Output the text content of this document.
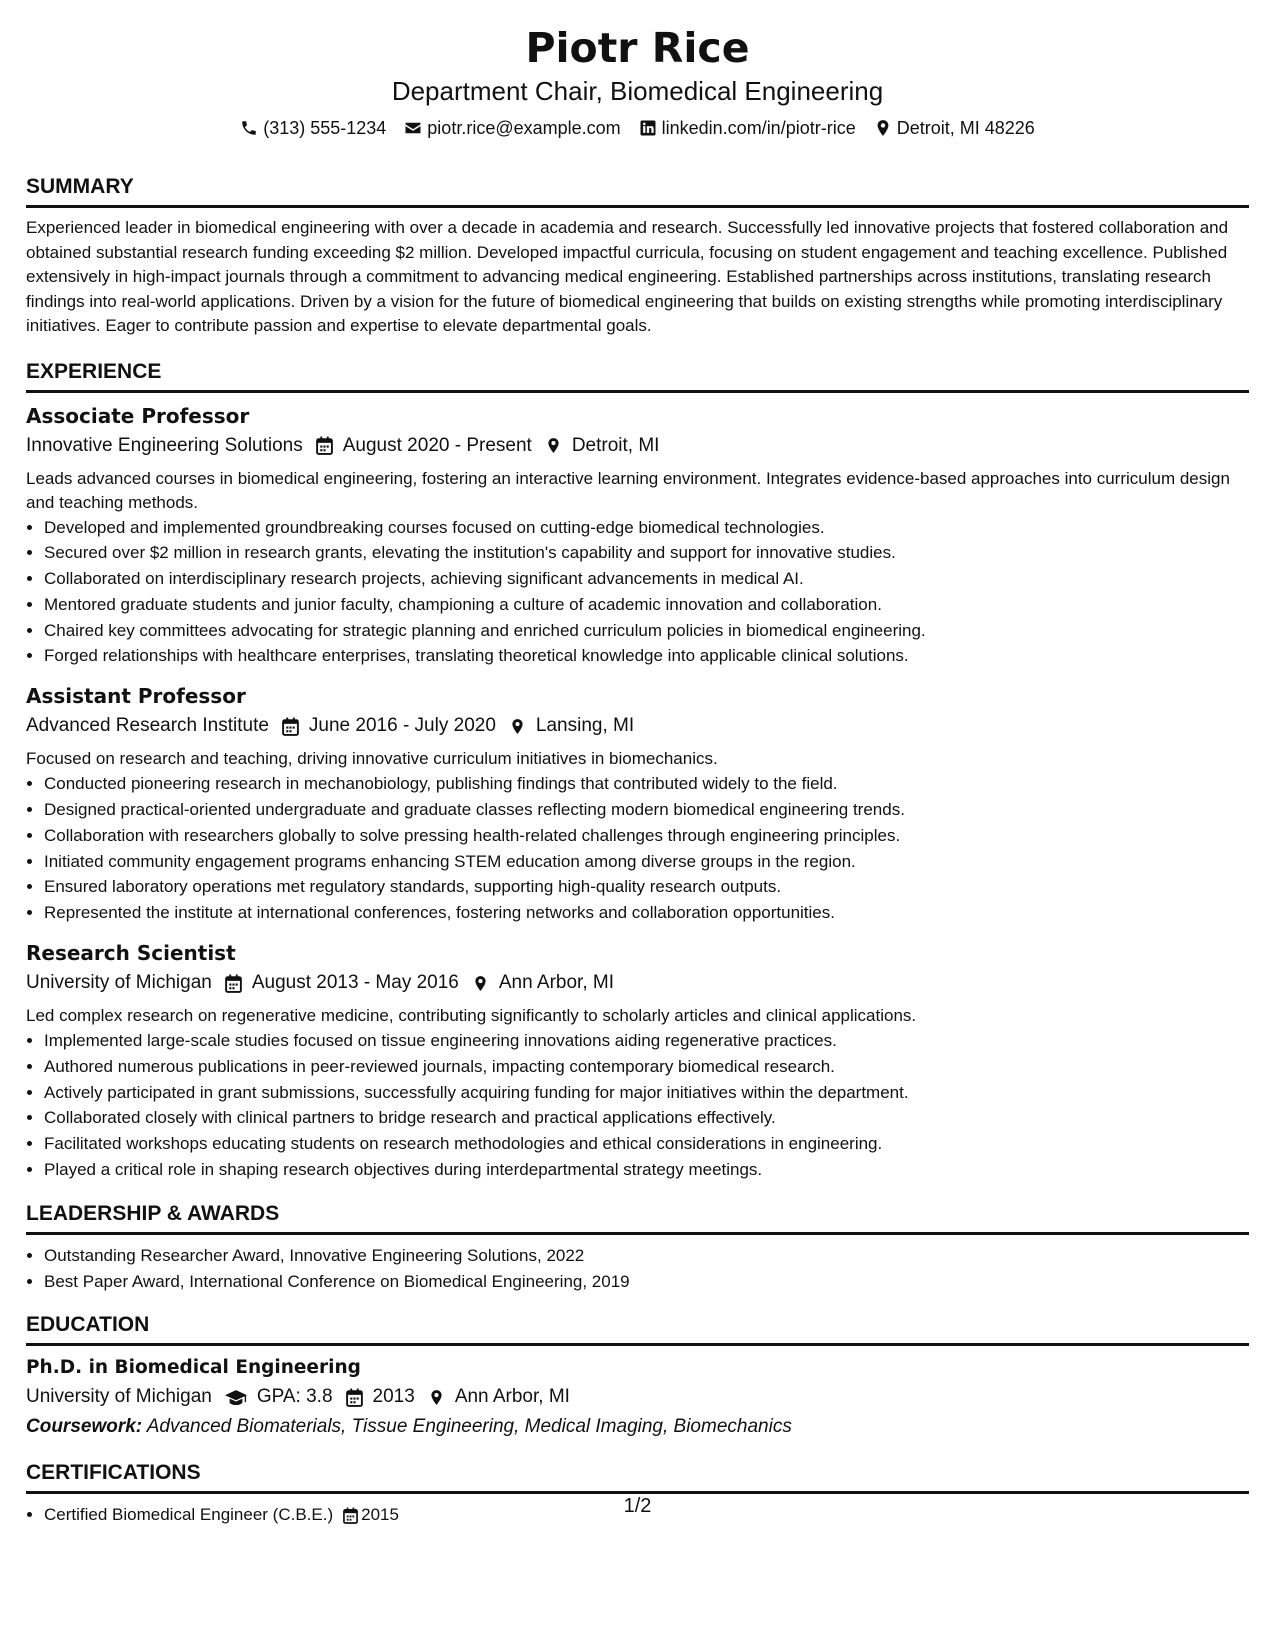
Piotr Rice
Department Chair, Biomedical Engineering
(313) 555-1234 piotr.rice@example.com linkedin.com/in/piotr-rice Detroit, MI 48226
SUMMARY

Experienced leader in biomedical engineering with over a decade in academia and research. Successfully led innovative projects that fostered collaboration and obtained substantial research funding exceeding $2 million. Developed impactful curricula, focusing on student engagement and teaching excellence. Published extensively in high-impact journals through a commitment to advancing medical engineering. Established partnerships across institutions, translating research findings into real-world applications. Driven by a vision for the future of biomedical engineering that builds on existing strengths while promoting interdisciplinary initiatives. Eager to contribute passion and expertise to elevate departmental goals.

EXPERIENCE
Associate Professor
Innovative Engineering Solutions August 2020 - Present Detroit, MI

Leads advanced courses in biomedical engineering, fostering an interactive learning environment. Integrates evidence-based approaches into curriculum design and teaching methods.

• Developed and implemented groundbreaking courses focused on cutting-edge biomedical technologies.
• Secured over $2 million in research grants, elevating the institution's capability and support for innovative studies.
• Collaborated on interdisciplinary research projects, achieving significant advancements in medical AI.
• Mentored graduate students and junior faculty, championing a culture of academic innovation and collaboration.
• Chaired key committees advocating for strategic planning and enriched curriculum policies in biomedical engineering.
• Forged relationships with healthcare enterprises, translating theoretical knowledge into applicable clinical solutions.
Assistant Professor
Advanced Research Institute June 2016 - July 2020 Lansing, MI

Focused on research and teaching, driving innovative curriculum initiatives in biomechanics.

• Conducted pioneering research in mechanobiology, publishing findings that contributed widely to the field.
• Designed practical-oriented undergraduate and graduate classes reflecting modern biomedical engineering trends.
• Collaboration with researchers globally to solve pressing health-related challenges through engineering principles.
• Initiated community engagement programs enhancing STEM education among diverse groups in the region.
• Ensured laboratory operations met regulatory standards, supporting high-quality research outputs.
• Represented the institute at international conferences, fostering networks and collaboration opportunities.
Research Scientist
University of Michigan August 2013 - May 2016 Ann Arbor, MI

Led complex research on regenerative medicine, contributing significantly to scholarly articles and clinical applications.

• Implemented large-scale studies focused on tissue engineering innovations aiding regenerative practices.
• Authored numerous publications in peer-reviewed journals, impacting contemporary biomedical research.
• Actively participated in grant submissions, successfully acquiring funding for major initiatives within the department.
• Collaborated closely with clinical partners to bridge research and practical applications effectively.
• Facilitated workshops educating students on research methodologies and ethical considerations in engineering.
• Played a critical role in shaping research objectives during interdepartmental strategy meetings.
LEADERSHIP & AWARDS
• Outstanding Researcher Award, Innovative Engineering Solutions, 2022
• Best Paper Award, International Conference on Biomedical Engineering, 2019
EDUCATION
Ph.D. in Biomedical Engineering
University of Michigan GPA: 3.8 2013 Ann Arbor, MI
Coursework: Advanced Biomaterials, Tissue Engineering, Medical Imaging, Biomechanics
CERTIFICATIONS
• Certified Biomedical Engineer (C.B.E.) 2015	1/2
